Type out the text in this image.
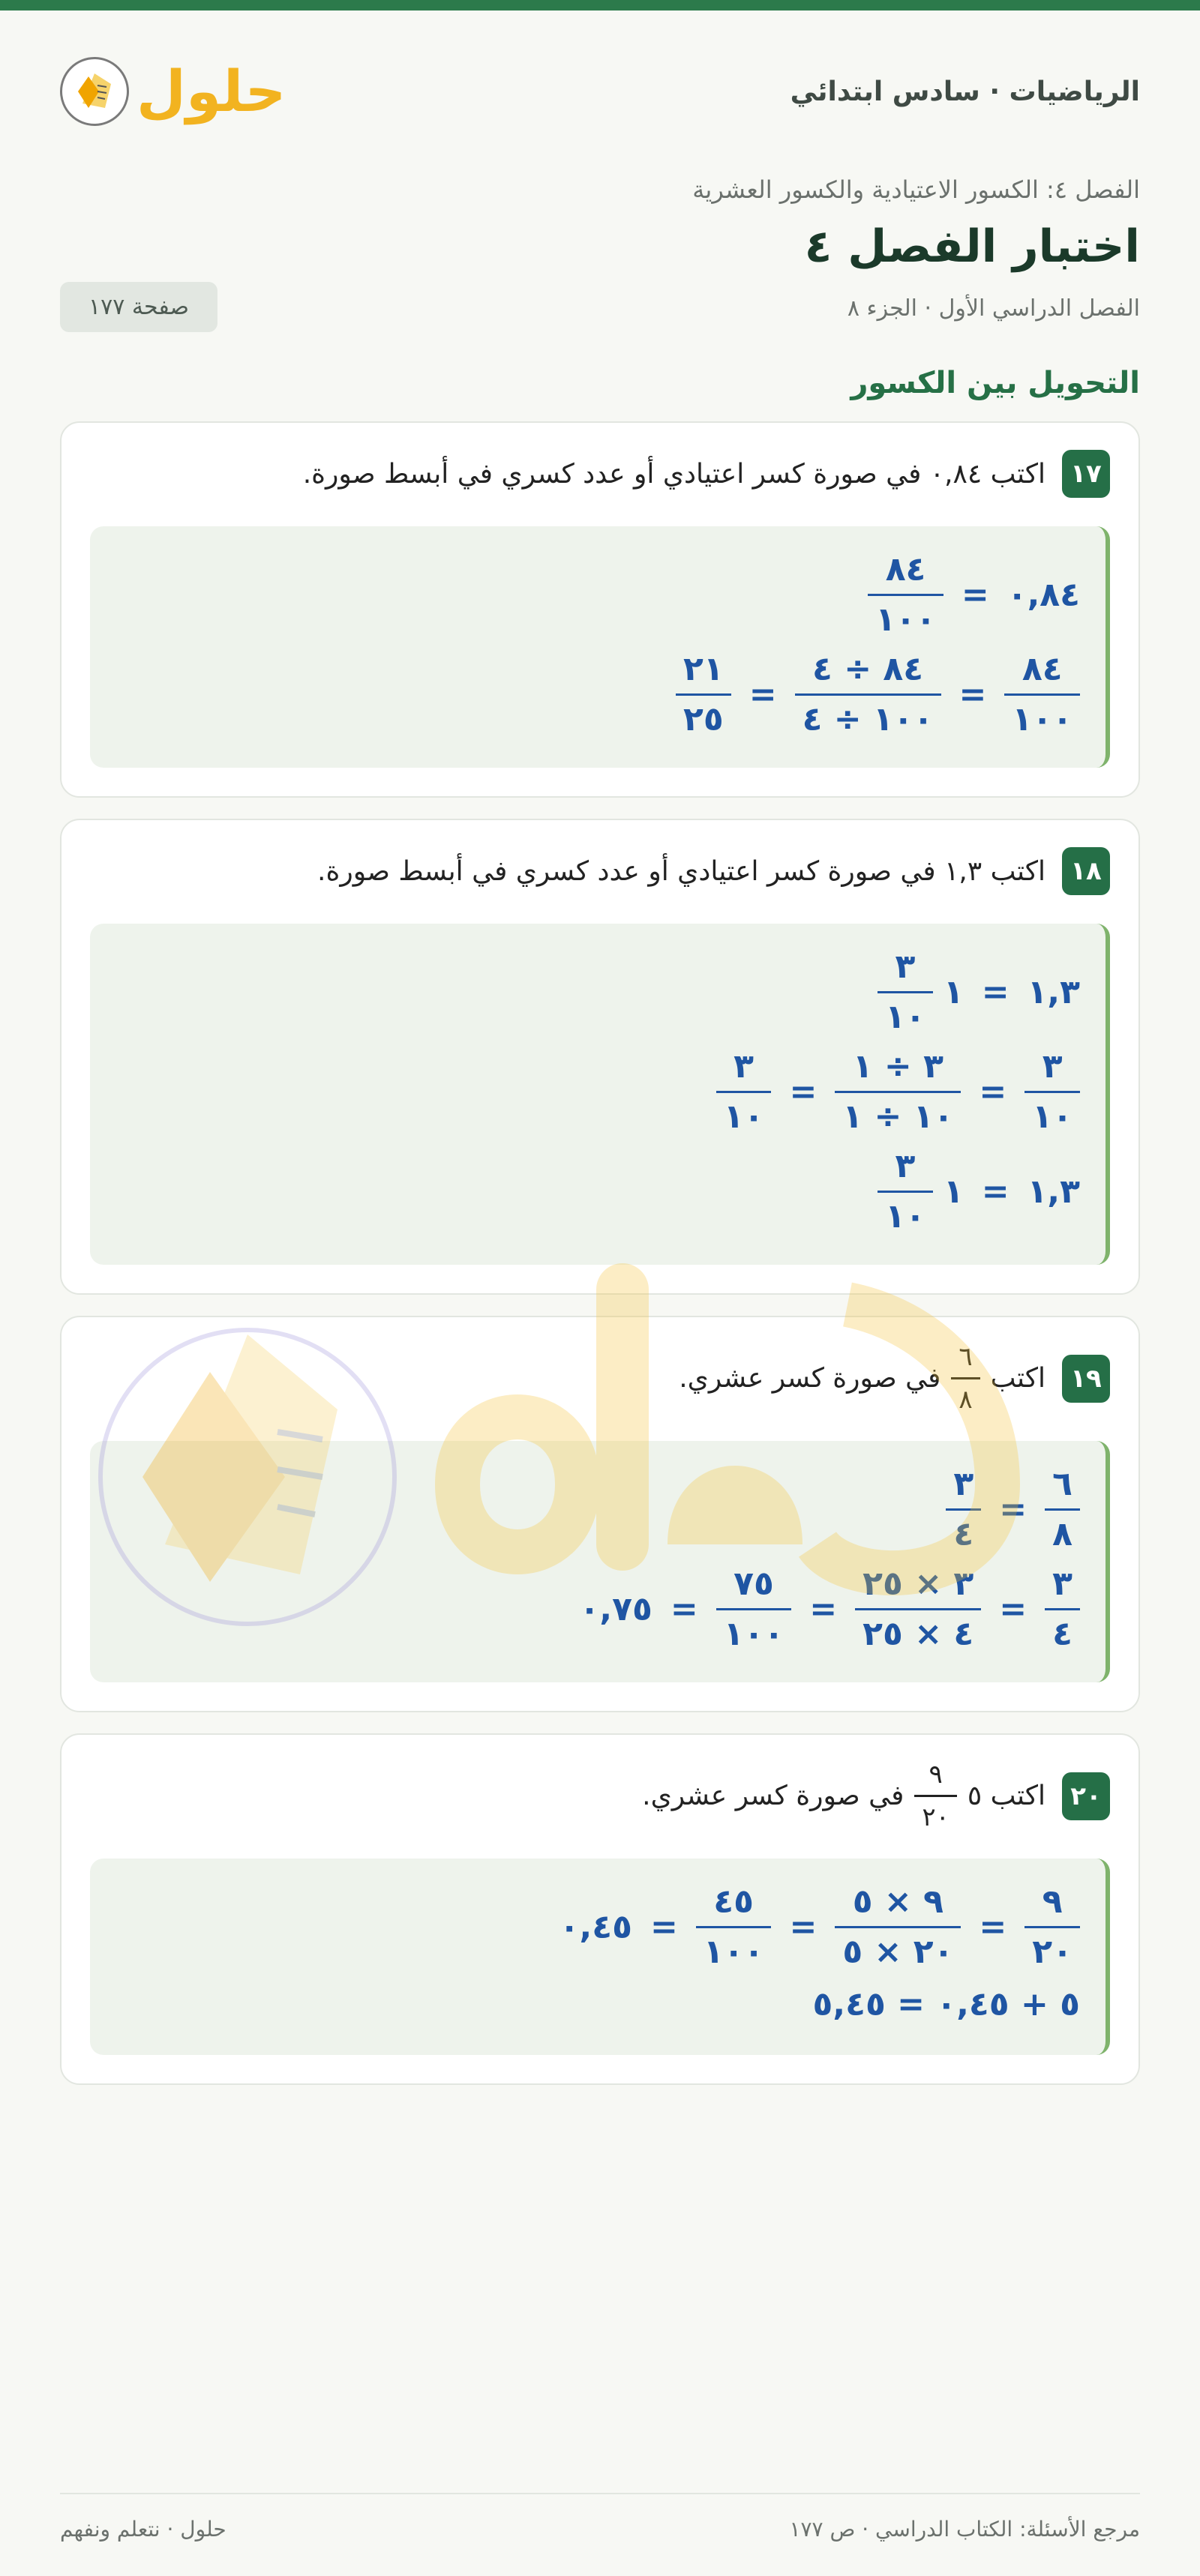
الرياضيات · سادس ابتدائي
حلول
الفصل ٤: الكسور الاعتيادية والكسور العشرية
اختبار الفصل ٤
الفصل الدراسي الأول · الجزء ٨
صفحة ١٧٧
التحويل بين الكسور
١٧
اكتب ٠,٨٤ في صورة كسر اعتيادي أو عدد كسري في أبسط صورة.
٠,٨٤
=
$\frac{٨٤}{١٠٠}$
$\frac{٨٤}{١٠٠}$
=
$\frac{٨٤ \div ٤}{١٠٠ \div ٤}$
=
$\frac{٢١}{٢٥}$
١٨
اكتب ١,٣ في صورة كسر اعتيادي أو عدد كسري في أبسط صورة.
١,٣
=
١
$\frac{٣}{١٠}$
$\frac{٣}{١٠}$
=
$\frac{٣ \div ١}{١٠ \div ١}$
=
$\frac{٣}{١٠}$
١,٣
=
١
$\frac{٣}{١٠}$
١٩
اكتب
$\frac{٦}{٨}$
في صورة كسر عشري.
$\frac{٦}{٨}$
=
$\frac{٣}{٤}$
$\frac{٣}{٤}$
=
$\frac{٣ \times ٢٥}{٤ \times ٢٥}$
=
$\frac{٧٥}{١٠٠}$
=
٠,٧٥
٢٠
اكتب ٥
$\frac{٩}{٢٠}$
في صورة كسر عشري.
$\frac{٩}{٢٠}$
=
$\frac{٩ \times ٥}{٢٠ \times ٥}$
=
$\frac{٤٥}{١٠٠}$
=
٠,٤٥
٥ + ٠,٤٥ = ٥,٤٥
مرجع الأسئلة: الكتاب الدراسي · ص ١٧٧
حلول · نتعلم ونفهم
